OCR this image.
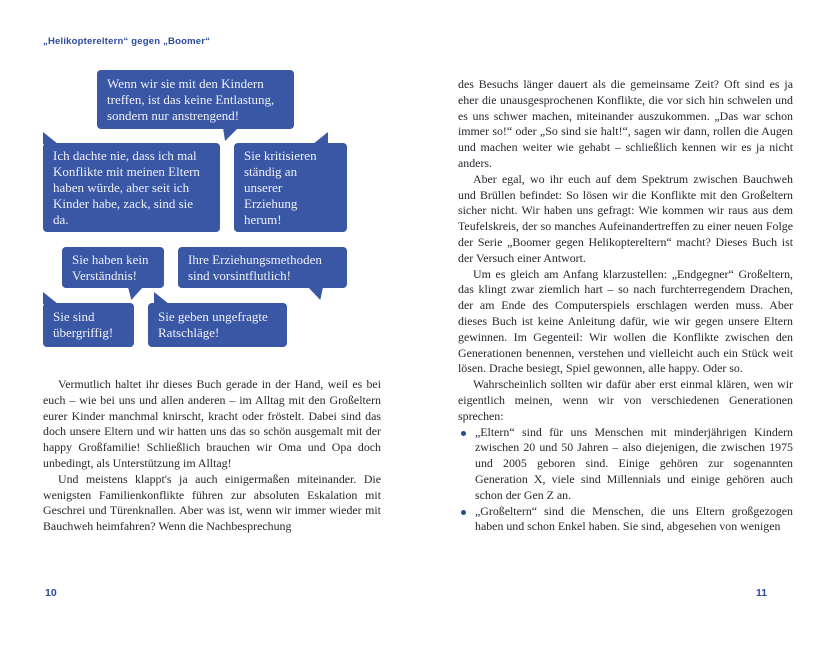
„Helikoptereltern“ gegen „Boomer“
Wenn wir sie mit den Kindern treffen, ist das keine Entlastung, sondern nur anstrengend!
Ich dachte nie, dass ich mal Konflikte mit meinen Eltern haben würde, aber seit ich Kinder habe, zack, sind sie da.
Sie kritisieren ständig an unserer Erziehung herum!
Sie haben kein Verständnis!
Ihre Erziehungsmethoden sind vorsintflutlich!
Sie sind übergriffig!
Sie geben ungefragte Ratschläge!

Vermutlich haltet ihr dieses Buch gerade in der Hand, weil es bei euch – wie bei uns und allen anderen – im Alltag mit den Großeltern eurer Kinder manchmal knirscht, kracht oder fröstelt. Dabei sind das doch unsere Eltern und wir hatten uns das so schön ausgemalt mit der happy Großfamilie! Schließlich brauchen wir Oma und Opa doch unbedingt, als Unterstützung im Alltag!

Und meistens klappt's ja auch einigermaßen miteinander. Die wenigsten Familienkonflikte führen zur absoluten Eskalation mit Geschrei und Türenknallen. Aber was ist, wenn wir immer wieder mit Bauchweh heimfahren? Wenn die Nachbesprechung

10

des Besuchs länger dauert als die gemeinsame Zeit? Oft sind es ja eher die unausgesprochenen Konflikte, die vor sich hin schwelen und es uns schwer machen, miteinander auszukommen. „Das war schon immer so!“ oder „So sind sie halt!“, sagen wir dann, rollen die Augen und machen weiter wie gehabt – schließlich kennen wir es ja nicht anders.

Aber egal, wo ihr euch auf dem Spektrum zwischen Bauchweh und Brüllen befindet: So lösen wir die Konflikte mit den Großeltern sicher nicht. Wir haben uns gefragt: Wie kommen wir raus aus dem Teufelskreis, der so manches Aufeinandertreffen zu einer neuen Folge der Serie „Boomer gegen Helikoptereltern“ macht? Dieses Buch ist der Versuch einer Antwort.

Um es gleich am Anfang klarzustellen: „Endgegner“ Großeltern, das klingt zwar ziemlich hart – so nach furchterregendem Drachen, der am Ende des Computerspiels erschlagen werden muss. Aber dieses Buch ist keine Anleitung dafür, wie wir gegen unsere Eltern gewinnen. Im Gegenteil: Wir wollen die Konflikte zwischen den Generationen benennen, verstehen und vielleicht auch ein Stück weit lösen. Drache besiegt, Spiel gewonnen, alle happy. Oder so.

Wahrscheinlich sollten wir dafür aber erst einmal klären, wen wir eigentlich meinen, wenn wir von verschiedenen Generationen sprechen:

„Eltern“ sind für uns Menschen mit minderjährigen Kindern zwischen 20 und 50 Jahren – also diejenigen, die zwischen 1975 und 2005 geboren sind. Einige gehören zur sogenannten Generation X, viele sind Millennials und einige gehören auch schon der Gen Z an.
„Großeltern“ sind die Menschen, die uns Eltern großgezogen haben und schon Enkel haben. Sie sind, abgesehen von wenigen
11
